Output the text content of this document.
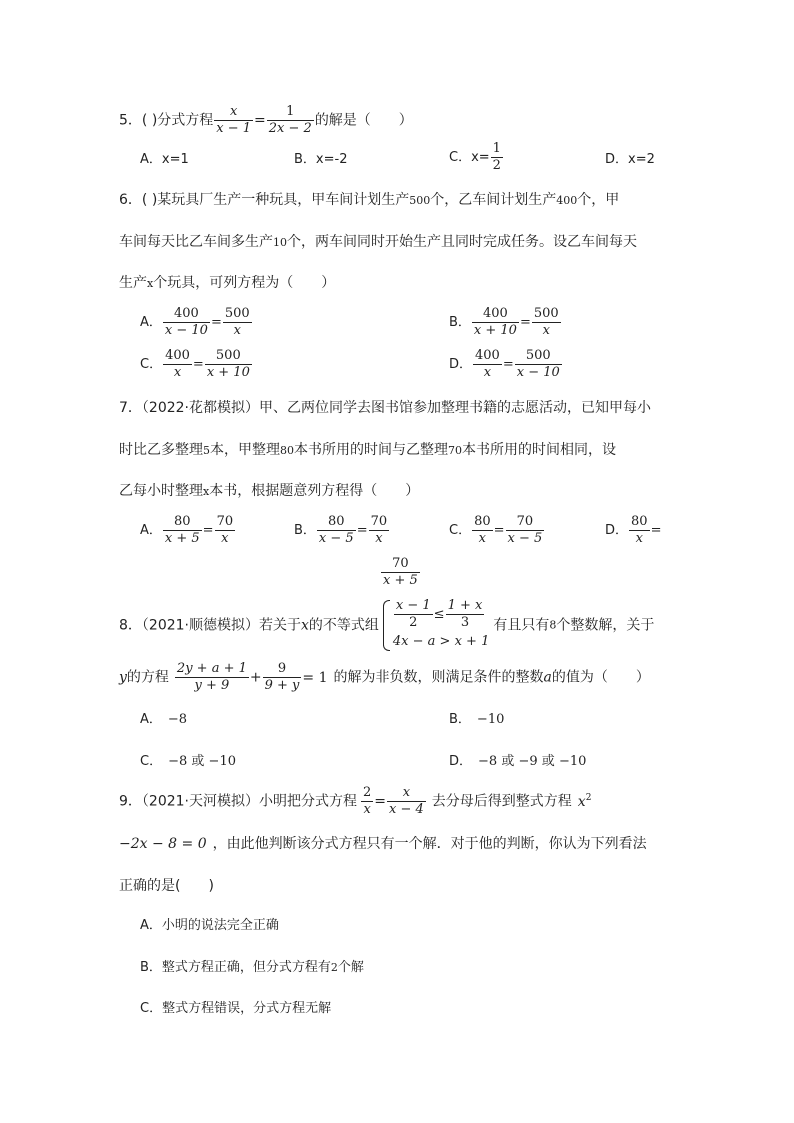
5．( )分式方程 $\frac{x}{x - 1} = \frac{1}{2x - 2}$ 的解是（　　）
A．x=1	B．x=-2	C．$x= \frac{1}{2}$	D．x=2
6．( )某玩具厂生产一种玩具，甲车间计划生产500个，乙车间计划生产400个，甲
车间每天比乙车间多生产10个，两车间同时开始生产且同时完成任务。设乙车间每天
生产x个玩具，可列方程为（　　）
A． $\frac{400}{x - 10} = \frac{500}{x}$	B． $\frac{400}{x + 10} = \frac{500}{x}$
C． $\frac{400}{x} = \frac{500}{x + 10}$	D． $\frac{400}{x} = \frac{500}{x - 10}$
7．（2022·花都模拟）甲、乙两位同学去图书馆参加整理书籍的志愿活动，已知甲每小
时比乙多整理5本，甲整理80本书所用的时间与乙整理70本书所用的时间相同，设
乙每小时整理x本书，根据题意列方程得（　　）
A． $\frac{80}{x + 5} = \frac{70}{x}$	B． $\frac{80}{x - 5} = \frac{70}{x}$	C． $\frac{80}{x} = \frac{70}{x - 5}$	D． $\frac{80}{x}$ =
$\frac{70}{x + 5}$
8．（2021·顺德模拟）若关于x的不等式组 $\frac{x - 1}{2} \le \frac{1 + x}{3}$
4x − a > x + 1
有且只有8个整数解，关于
y的方程 $\frac{2y + a + 1}{y + 9} + \frac{9}{9 + y} = 1$ 的解为非负数，则满足条件的整数a的值为（　　）
A． −8	B． −10
C． −8 或 −10	D． −8 或 −9 或 −10
9．（2021·天河模拟）小明把分式方程 $\frac{2}{x} = \frac{x}{x - 4}$ 去分母后得到整式方程 $x^2$
−2x − 8 = 0 ，由此他判断该分式方程只有一个解．对于他的判断，你认为下列看法
正确的是(　　)
A．小明的说法完全正确
B．整式方程正确，但分式方程有2个解
C．整式方程错误，分式方程无解
